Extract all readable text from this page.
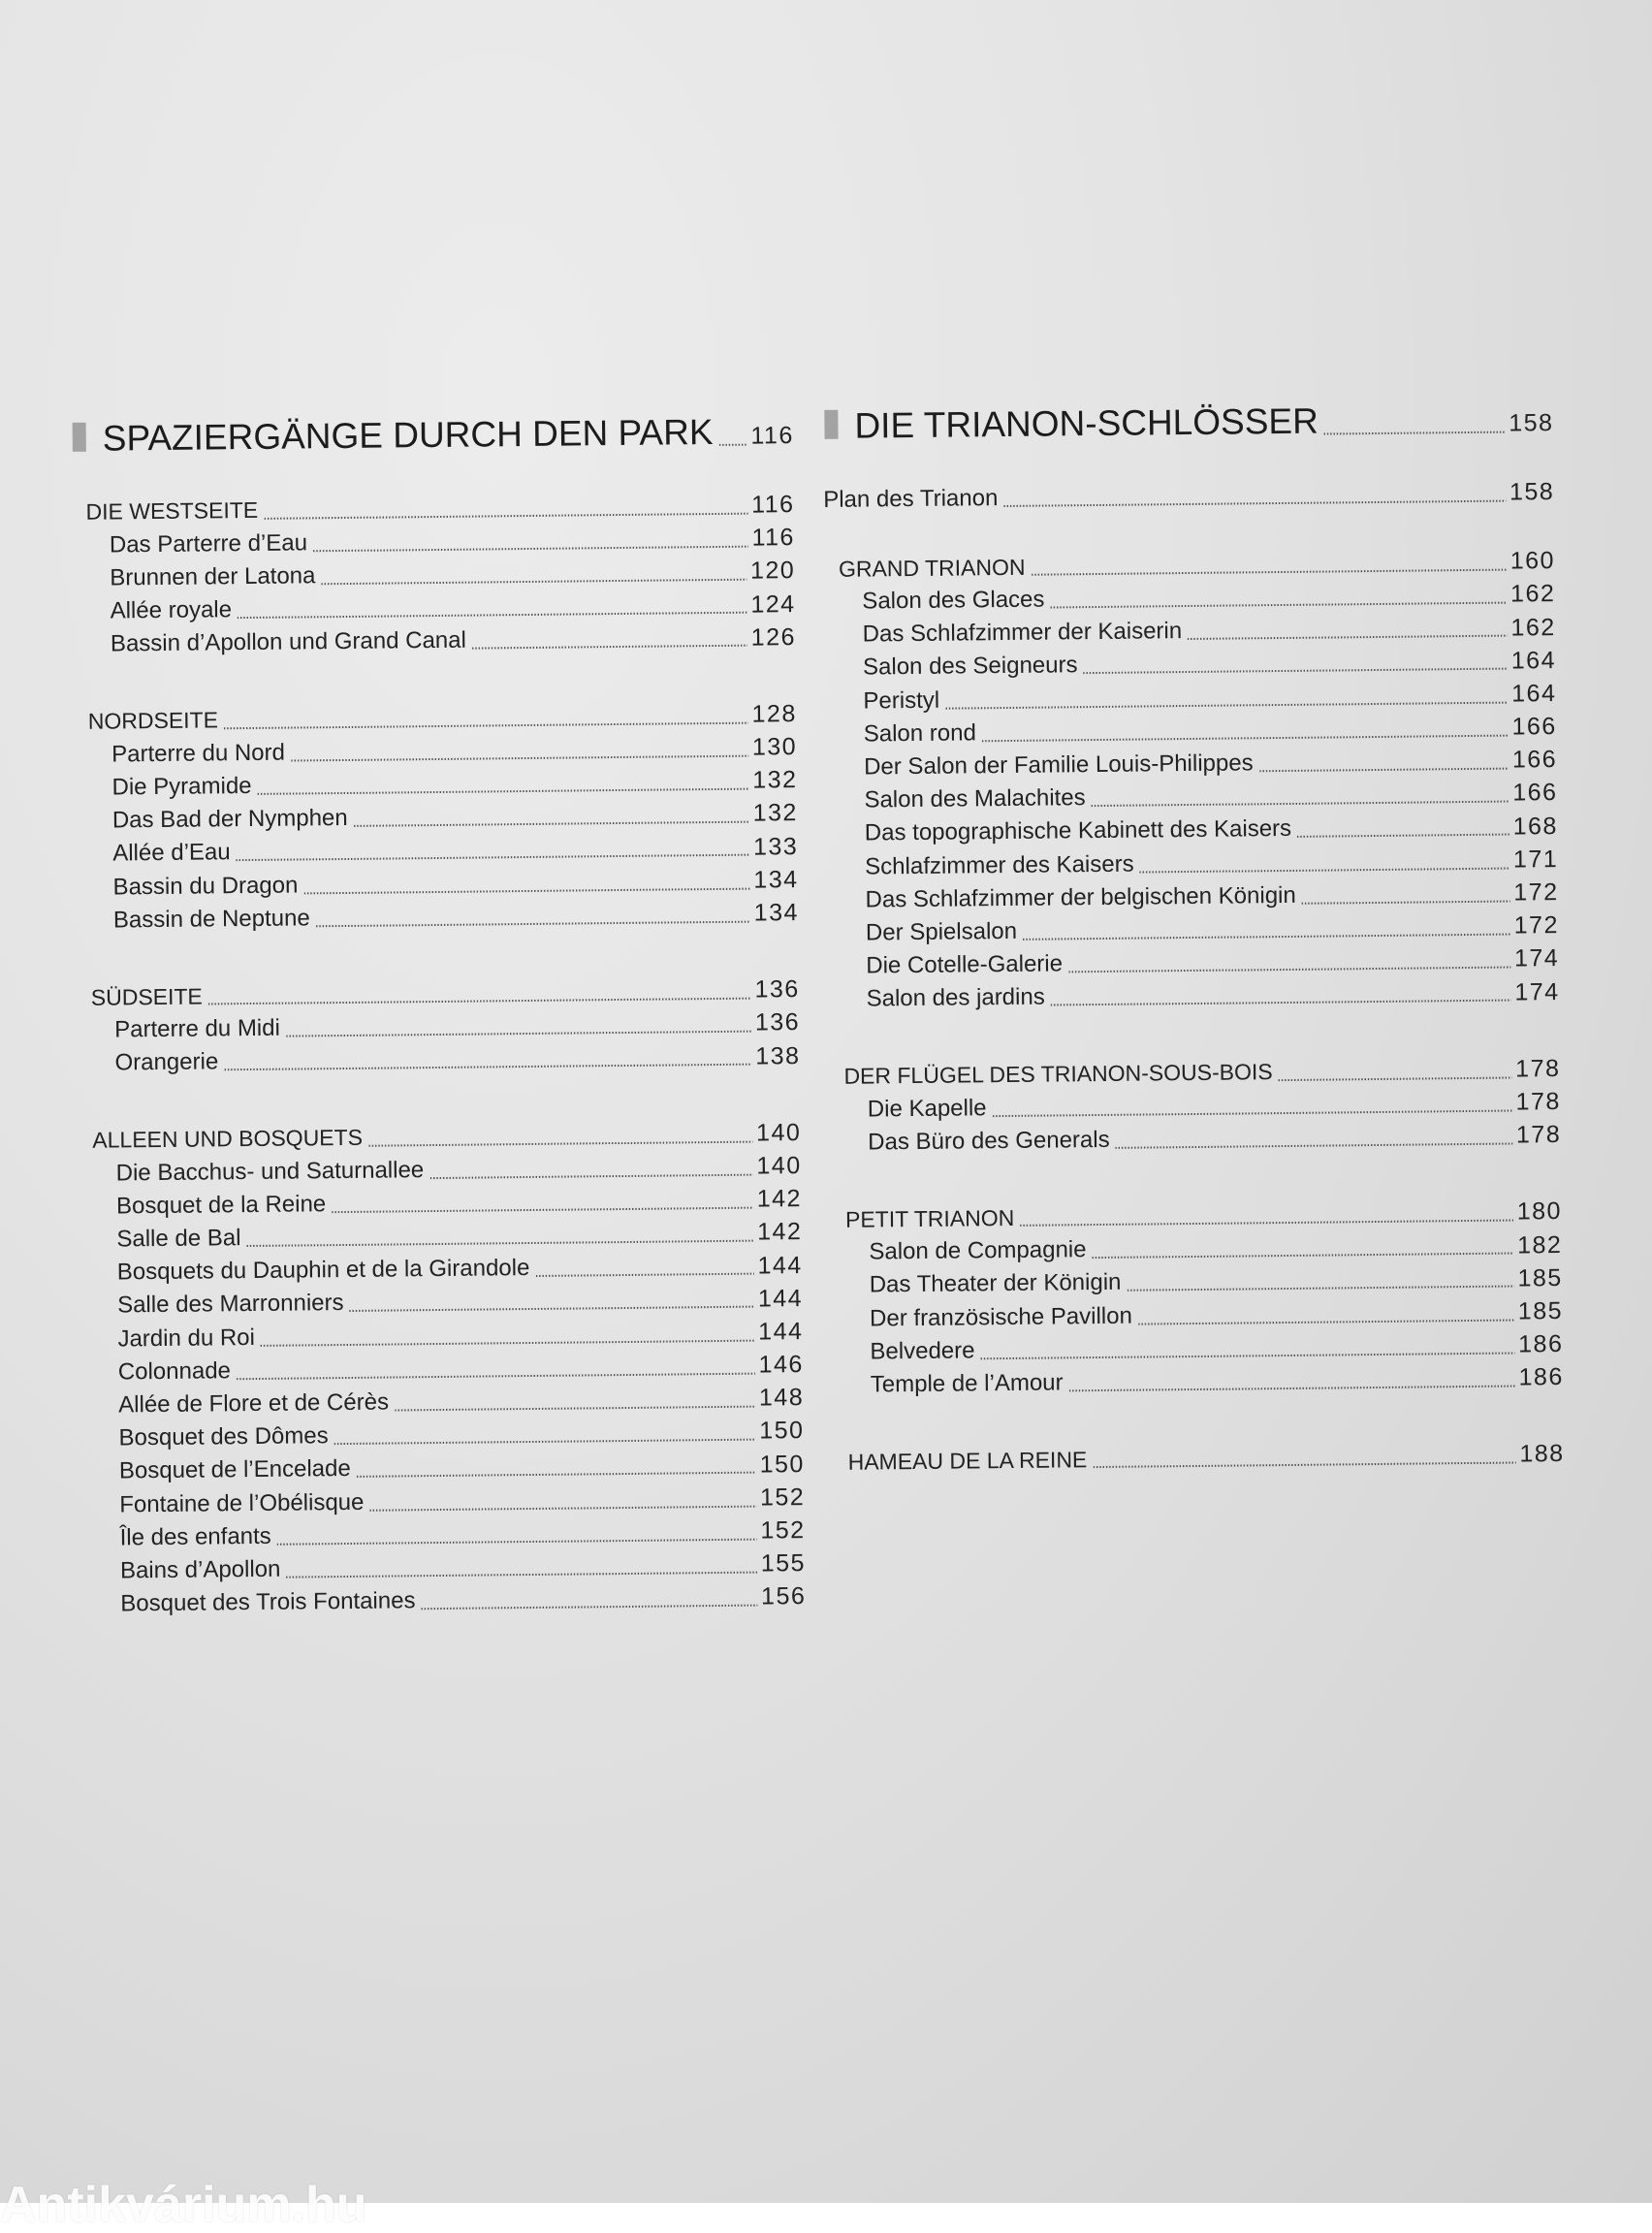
SPAZIERGÄNGE DURCH DEN PARK 116
DIE WESTSEITE	116
Das Parterre d’Eau	116
Brunnen der Latona	120
Allée royale	124
Bassin d’Apollon und Grand Canal	126
NORDSEITE	128
Parterre du Nord	130
Die Pyramide	132
Das Bad der Nymphen	132
Allée d’Eau	133
Bassin du Dragon	134
Bassin de Neptune	134
SÜDSEITE	136
Parterre du Midi	136
Orangerie	138
ALLEEN UND BOSQUETS	140
Die Bacchus- und Saturnallee	140
Bosquet de la Reine	142
Salle de Bal	142
Bosquets du Dauphin et de la Girandole	144
Salle des Marronniers	144
Jardin du Roi	144
Colonnade	146
Allée de Flore et de Cérès	148
Bosquet des Dômes	150
Bosquet de l’Encelade	150
Fontaine de l’Obélisque	152
Île des enfants	152
Bains d’Apollon	155
Bosquet des Trois Fontaines	156
DIE TRIANON-SCHLÖSSER	158
Plan des Trianon	158
GRAND TRIANON	160
Salon des Glaces	162
Das Schlafzimmer der Kaiserin	162
Salon des Seigneurs	164
Peristyl	164
Salon rond	166
Der Salon der Familie Louis-Philippes	166
Salon des Malachites	166
Das topographische Kabinett des Kaisers	168
Schlafzimmer des Kaisers	171
Das Schlafzimmer der belgischen Königin	172
Der Spielsalon	172
Die Cotelle-Galerie	174
Salon des jardins	174
DER FLÜGEL DES TRIANON-SOUS-BOIS	178
Die Kapelle	178
Das Büro des Generals	178
PETIT TRIANON	180
Salon de Compagnie	182
Das Theater der Königin	185
Der französische Pavillon	185
Belvedere	186
Temple de l’Amour	186
HAMEAU DE LA REINE	188
Antikvárium.hu
